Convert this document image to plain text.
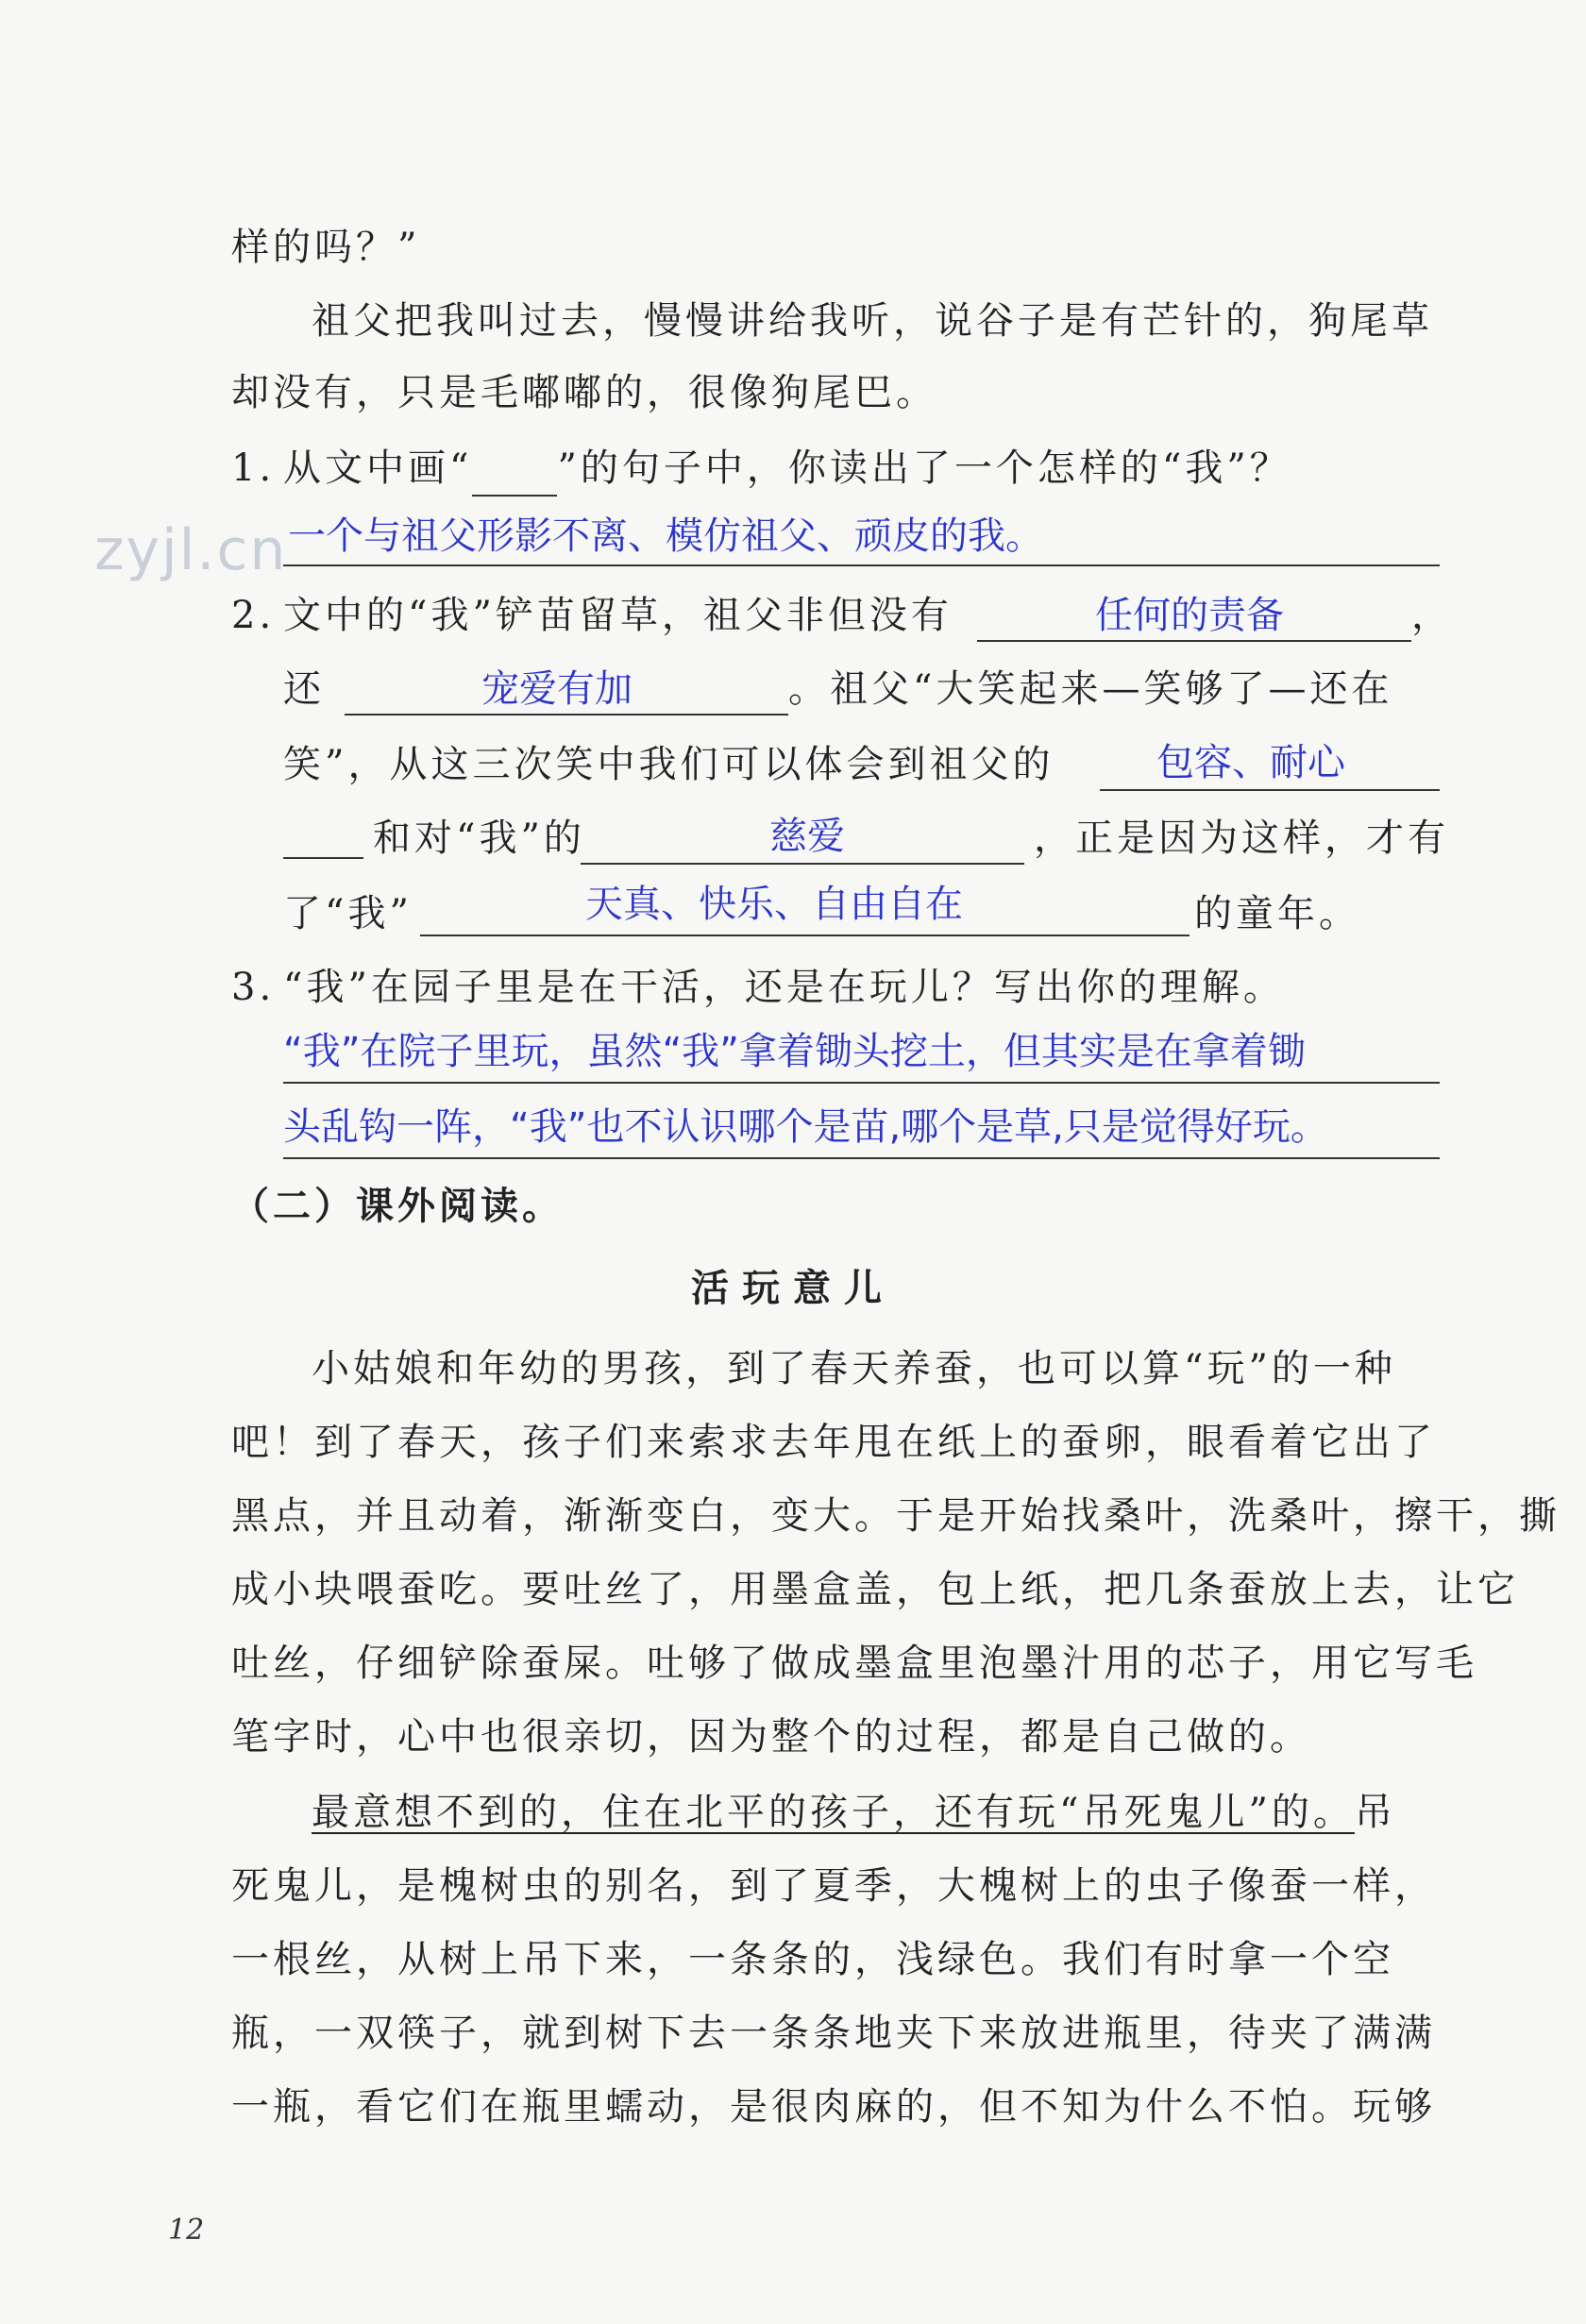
zyjl.cn
样的吗？”
祖父把我叫过去，慢慢讲给我听，说谷子是有芒针的，狗尾草
却没有，只是毛嘟嘟的，很像狗尾巴。
1. 从文中画“ ”的句子中，你读出了一个怎样的“我”？
一个与祖父形影不离、模仿祖父、顽皮的我。
2. 文中的“我”铲苗留草，祖父非但没有	，
任何的责备
还	。祖父“大笑起来—笑够了—还在
宠爱有加
笑”，从这三次笑中我们可以体会到祖父的	包容、耐心
和对“我”的	，正是因为这样，才有
慈爱
了“我”	的童年。
天真、快乐、自由自在
3. “我”在园子里是在干活，还是在玩儿？写出你的理解。
“我”在院子里玩，虽然“我”拿着锄头挖土，但其实是在拿着锄
头乱钩一阵，“我”也不认识哪个是苗,哪个是草,只是觉得好玩。
（二）课外阅读。
活玩意儿
小姑娘和年幼的男孩，到了春天养蚕，也可以算“玩”的一种
吧！到了春天，孩子们来索求去年甩在纸上的蚕卵，眼看着它出了
黑点，并且动着，渐渐变白，变大。于是开始找桑叶，洗桑叶，擦干，撕
成小块喂蚕吃。要吐丝了，用墨盒盖，包上纸，把几条蚕放上去，让它
吐丝，仔细铲除蚕屎。吐够了做成墨盒里泡墨汁用的芯子，用它写毛
笔字时，心中也很亲切，因为整个的过程，都是自己做的。
最意想不到的，住在北平的孩子，还有玩“吊死鬼儿”的。吊
死鬼儿，是槐树虫的别名，到了夏季，大槐树上的虫子像蚕一样，
一根丝，从树上吊下来，一条条的，浅绿色。我们有时拿一个空
瓶，一双筷子，就到树下去一条条地夹下来放进瓶里，待夹了满满
一瓶，看它们在瓶里蠕动，是很肉麻的，但不知为什么不怕。玩够
12
